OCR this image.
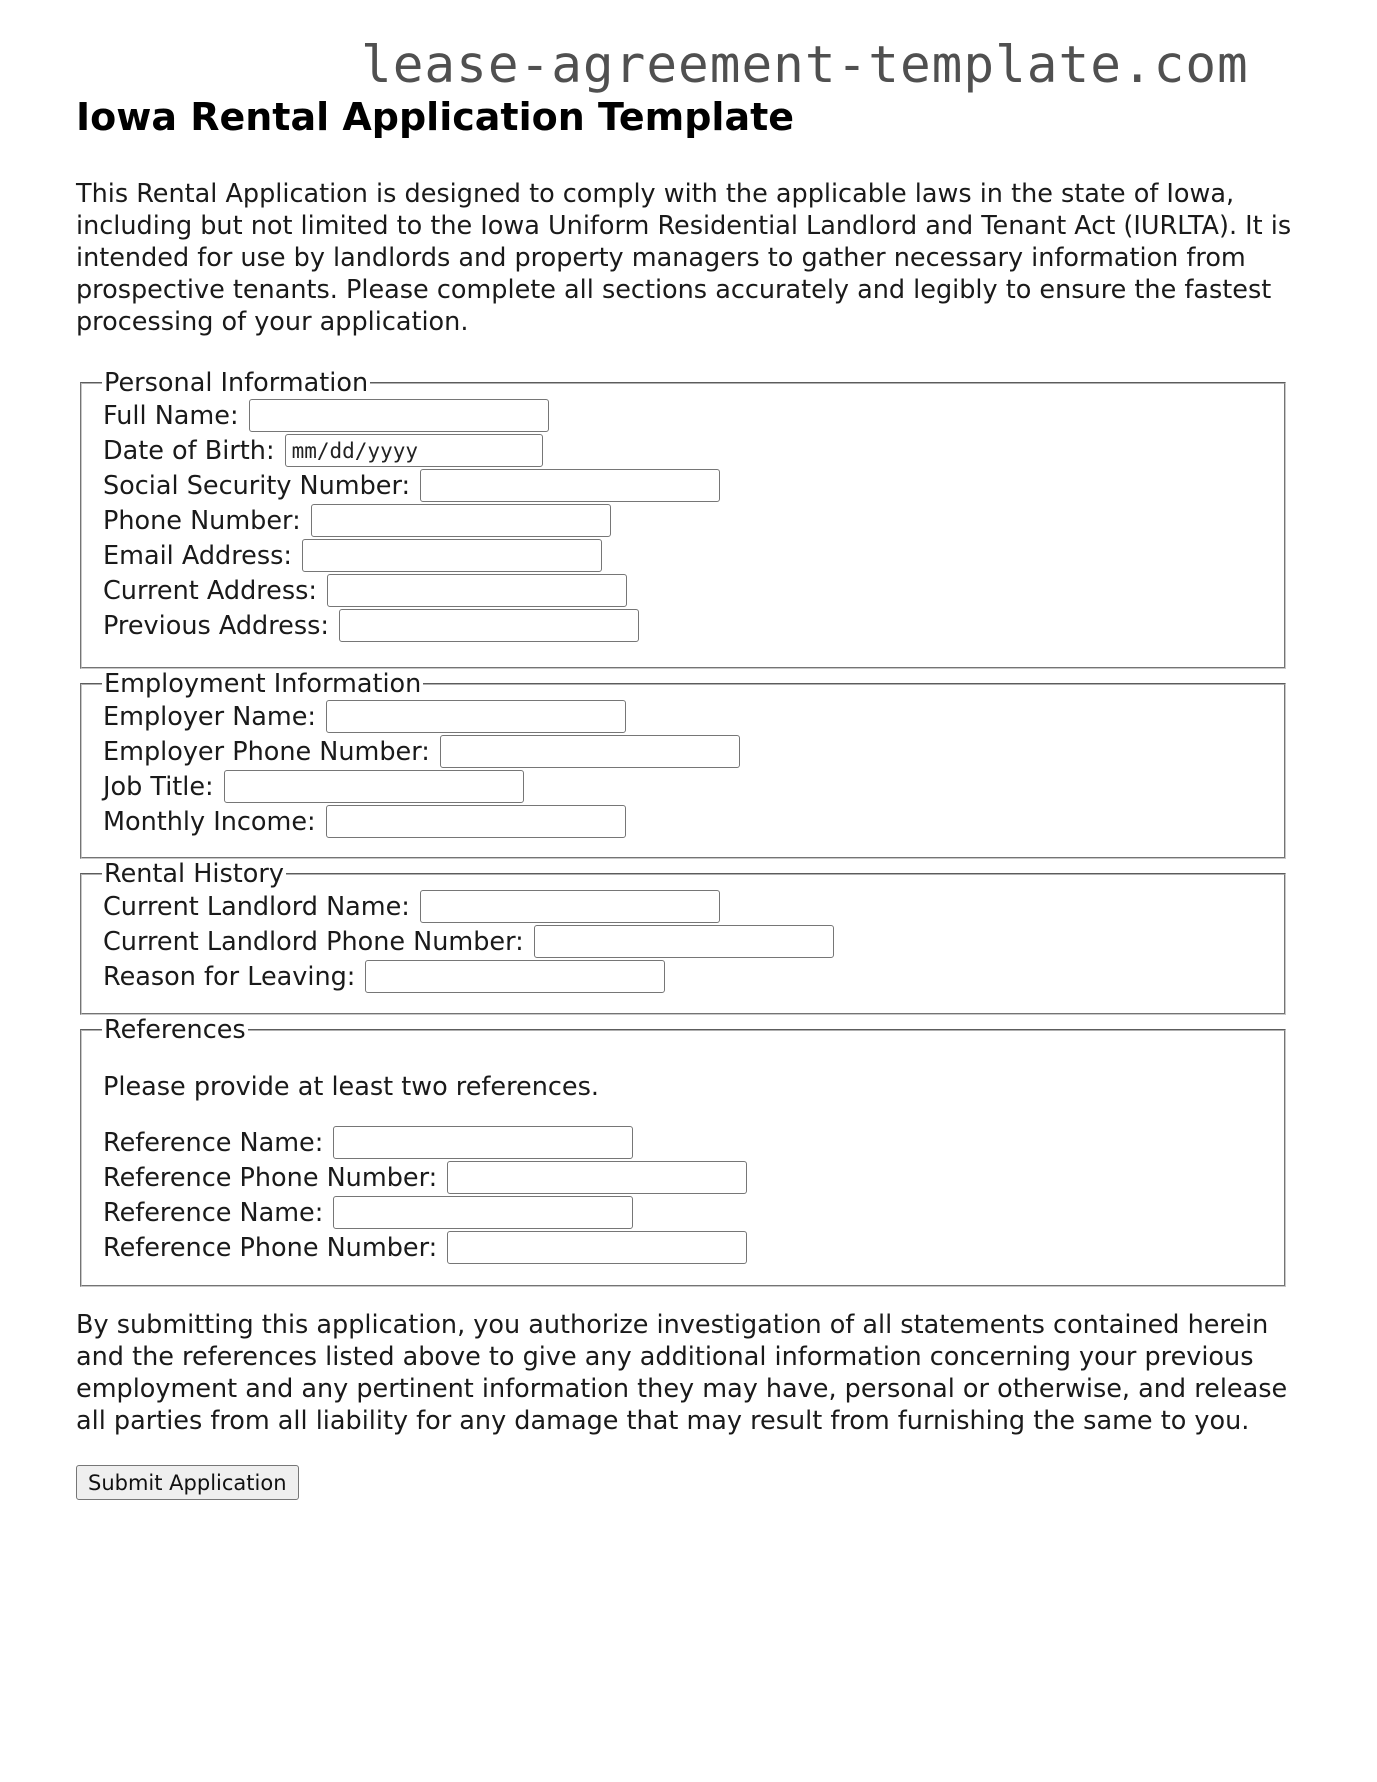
lease-agreement-template.com
Iowa Rental Application Template

This Rental Application is designed to comply with the applicable laws in the state of Iowa, including but not limited to the Iowa Uniform Residential Landlord and Tenant Act (IURLTA). It is intended for use by landlords and property managers to gather necessary information from prospective tenants. Please complete all sections accurately and legibly to ensure the fastest processing of your application.

Personal Information
Full Name:
Date of Birth:
mm/dd/yyyy
Social Security Number:
Phone Number:
Email Address:
Current Address:
Previous Address:
Employment Information
Employer Name:
Employer Phone Number:
Job Title:
Monthly Income:
Rental History
Current Landlord Name:
Current Landlord Phone Number:
Reason for Leaving:
References

Please provide at least two references.

Reference Name:
Reference Phone Number:
Reference Name:
Reference Phone Number:

By submitting this application, you authorize investigation of all statements contained herein and the references listed above to give any additional information concerning your previous employment and any pertinent information they may have, personal or otherwise, and release all parties from all liability for any damage that may result from furnishing the same to you.

Submit Application
